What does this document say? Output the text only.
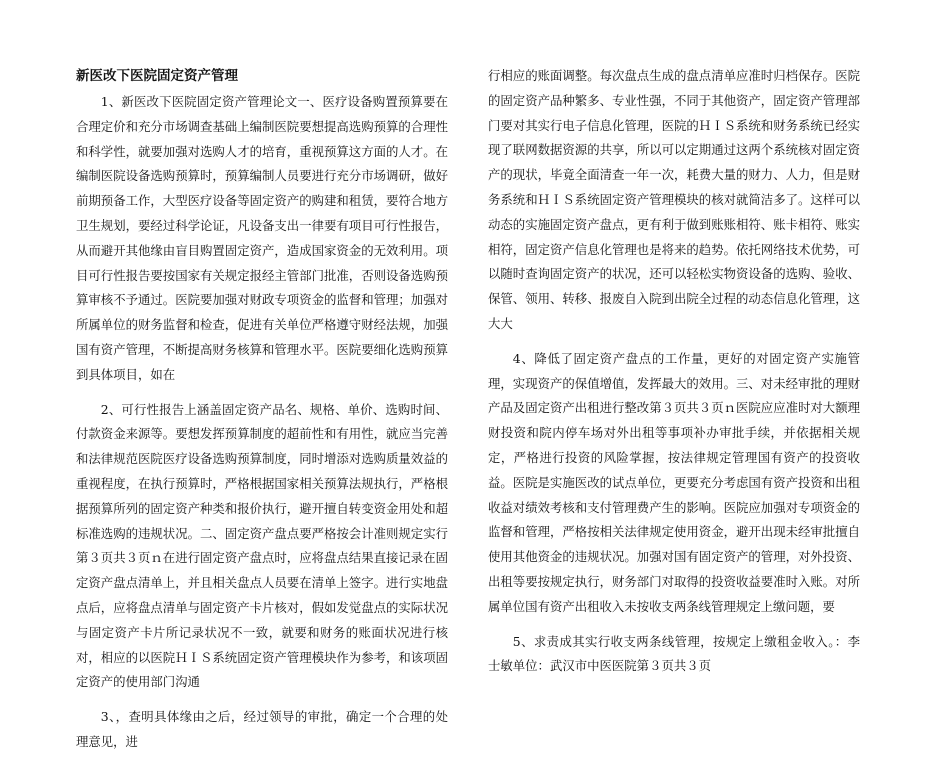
新医改下医院固定资产管理

1、新医改下医院固定资产管理论文一、医疗设备购置预算要在合理定价和充分市场调查基础上编制医院要想提高选购预算的合理性和科学性，就要加强对选购人才的培育，重视预算这方面的人才。在编制医院设备选购预算时，预算编制人员要进行充分市场调研，做好前期预备工作，大型医疗设备等固定资产的购建和租赁，要符合地方卫生规划，要经过科学论证，凡设备支出一律要有项目可行性报告，从而避开其他缘由盲目购置固定资产，造成国家资金的无效利用。项目可行性报告要按国家有关规定报经主管部门批准，否则设备选购预算审核不予通过。医院要加强对财政专项资金的监督和管理；加强对所属单位的财务监督和检查，促进有关单位严格遵守财经法规，加强国有资产管理，不断提高财务核算和管理水平。医院要细化选购预算到具体项目，如在

2、可行性报告上涵盖固定资产品名、规格、单价、选购时间、付款资金来源等。要想发挥预算制度的超前性和有用性，就应当完善和法律规范医院医疗设备选购预算制度，同时增添对选购质量效益的重视程度，在执行预算时，严格根据国家相关预算法规执行，严格根据预算所列的固定资产种类和报价执行，避开擅自转变资金用处和超标准选购的违规状况。二、固定资产盘点要严格按会计准则规定实行第３页共３页ｎ在进行固定资产盘点时，应将盘点结果直接记录在固定资产盘点清单上，并且相关盘点人员要在清单上签字。进行实地盘点后，应将盘点清单与固定资产卡片核对，假如发觉盘点的实际状况与固定资产卡片所记录状况不一致，就要和财务的账面状况进行核对，相应的以医院ＨＩＳ系统固定资产管理模块作为参考，和该项固定资产的使用部门沟通

3、，查明具体缘由之后，经过领导的审批，确定一个合理的处理意见，进

行相应的账面调整。每次盘点生成的盘点清单应准时归档保存。医院的固定资产品种繁多、专业性强，不同于其他资产，固定资产管理部门要对其实行电子信息化管理，医院的ＨＩＳ系统和财务系统已经实现了联网数据资源的共享，所以可以定期通过这两个系统核对固定资产的现状，毕竟全面清查一年一次，耗费大量的财力、人力，但是财务系统和ＨＩＳ系统固定资产管理模块的核对就简洁多了。这样可以动态的实施固定资产盘点，更有利于做到账账相符、账卡相符、账实相符，固定资产信息化管理也是将来的趋势。依托网络技术优势，可以随时查询固定资产的状况，还可以轻松实物资设备的选购、验收、保管、领用、转移、报废自入院到出院全过程的动态信息化管理，这大大

4、降低了固定资产盘点的工作量，更好的对固定资产实施管理，实现资产的保值增值，发挥最大的效用。三、对未经审批的理财产品及固定资产出租进行整改第３页共３页ｎ医院应应准时对大额理财投资和院内停车场对外出租等事项补办审批手续，并依据相关规定，严格进行投资的风险掌握，按法律规定管理国有资产的投资收益。医院是实施医改的试点单位，更要充分考虑国有资产投资和出租收益对绩效考核和支付管理费产生的影响。医院应加强对专项资金的监督和管理，严格按相关法律规定使用资金，避开出现未经审批擅自使用其他资金的违规状况。加强对国有固定资产的管理，对外投资、出租等要按规定执行，财务部门对取得的投资收益要准时入账。对所属单位国有资产出租收入未按收支两条线管理规定上缴问题，要

5、求责成其实行收支两条线管理，按规定上缴租金收入。：李士敏单位：武汉市中医医院第３页共３页
